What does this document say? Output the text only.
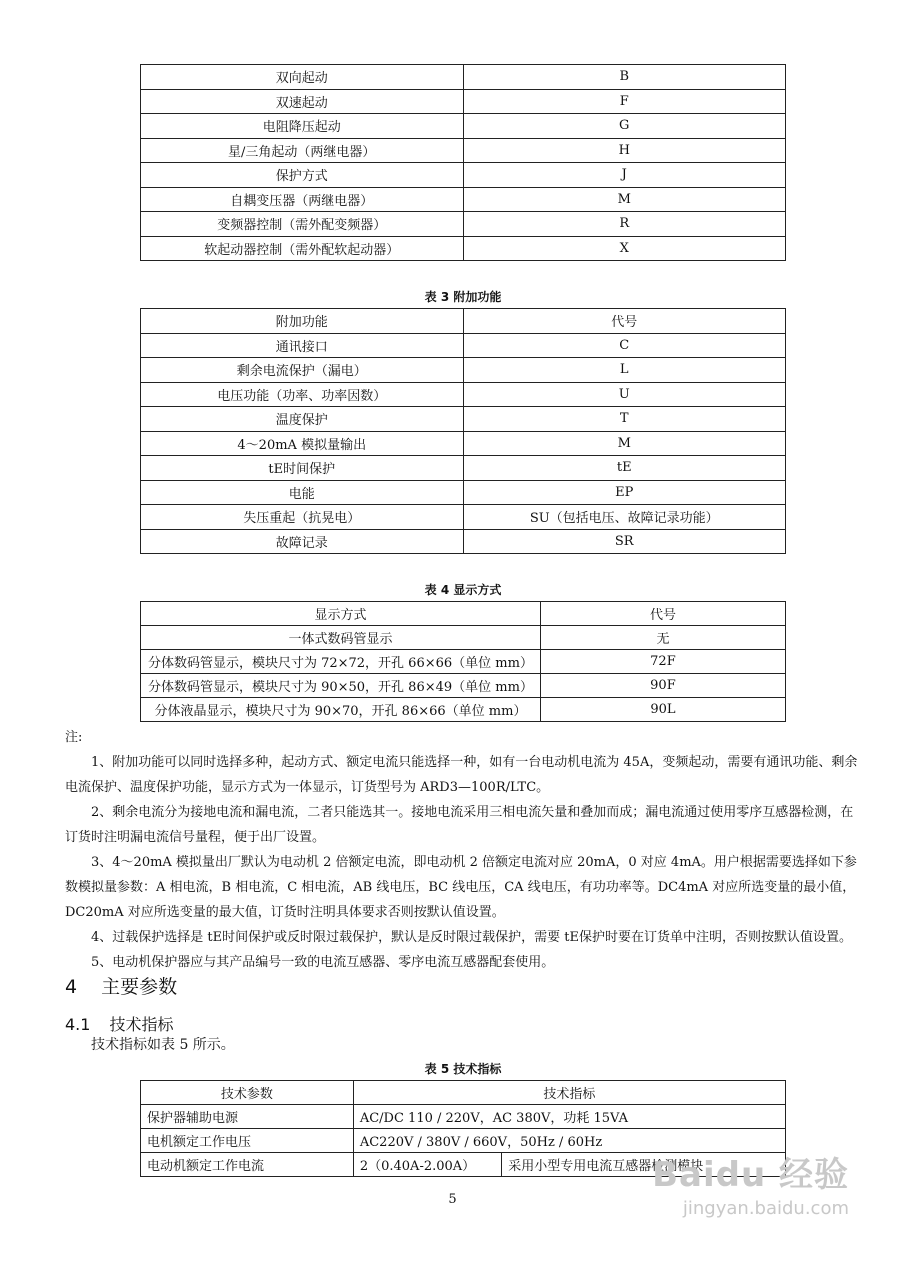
双向起动	B
双速起动	F
电阻降压起动	G
星/三角起动（两继电器）	H
保护方式	J
自耦变压器（两继电器）	M
变频器控制（需外配变频器）	R
软起动器控制（需外配软起动器）	X
表 3 附加功能
附加功能	代号
通讯接口	C
剩余电流保护（漏电）	L
电压功能（功率、功率因数）	U
温度保护	T
4～20mA 模拟量输出	M
tE时间保护	tE
电能	EP
失压重起（抗晃电）	SU（包括电压、故障记录功能）
故障记录	SR
表 4 显示方式
显示方式	代号
一体式数码管显示	无
分体数码管显示，模块尺寸为 72×72，开孔 66×66（单位 mm）	72F
分体数码管显示，模块尺寸为 90×50，开孔 86×49（单位 mm）	90F
分体液晶显示，模块尺寸为 90×70，开孔 86×66（单位 mm）	90L
注:
1、附加功能可以同时选择多种，起动方式、额定电流只能选择一种，如有一台电动机电流为 45A，变频起动，需要有通讯功能、剩余电流保护、温度保护功能，显示方式为一体显示，订货型号为 ARD3—100R/LTC。
2、剩余电流分为接地电流和漏电流，二者只能选其一。接地电流采用三相电流矢量和叠加而成；漏电流通过使用零序互感器检测，在订货时注明漏电流信号量程，便于出厂设置。
3、4～20mA 模拟量出厂默认为电动机 2 倍额定电流，即电动机 2 倍额定电流对应 20mA，0 对应 4mA。用户根据需要选择如下参数模拟量参数：A 相电流，B 相电流，C 相电流，AB 线电压，BC 线电压，CA 线电压，有功功率等。DC4mA 对应所选变量的最小值，DC20mA 对应所选变量的最大值，订货时注明具体要求否则按默认值设置。
4、过载保护选择是 tE时间保护或反时限过载保护，默认是反时限过载保护，需要 tE保护时要在订货单中注明，否则按默认值设置。
5、电动机保护器应与其产品编号一致的电流互感器、零序电流互感器配套使用。
4 主要参数
4.1 技术指标
技术指标如表 5 所示。
表 5 技术指标
技术参数	技术指标	
保护器辅助电源	AC/DC 110 / 220V，AC 380V，功耗 15VA	
电机额定工作电压	AC220V / 380V / 660V，50Hz / 60Hz	
电动机额定工作电流	2（0.40A-2.00A）	采用小型专用电流互感器检测模块
5
Baidu 经验
jingyan.baidu.com
